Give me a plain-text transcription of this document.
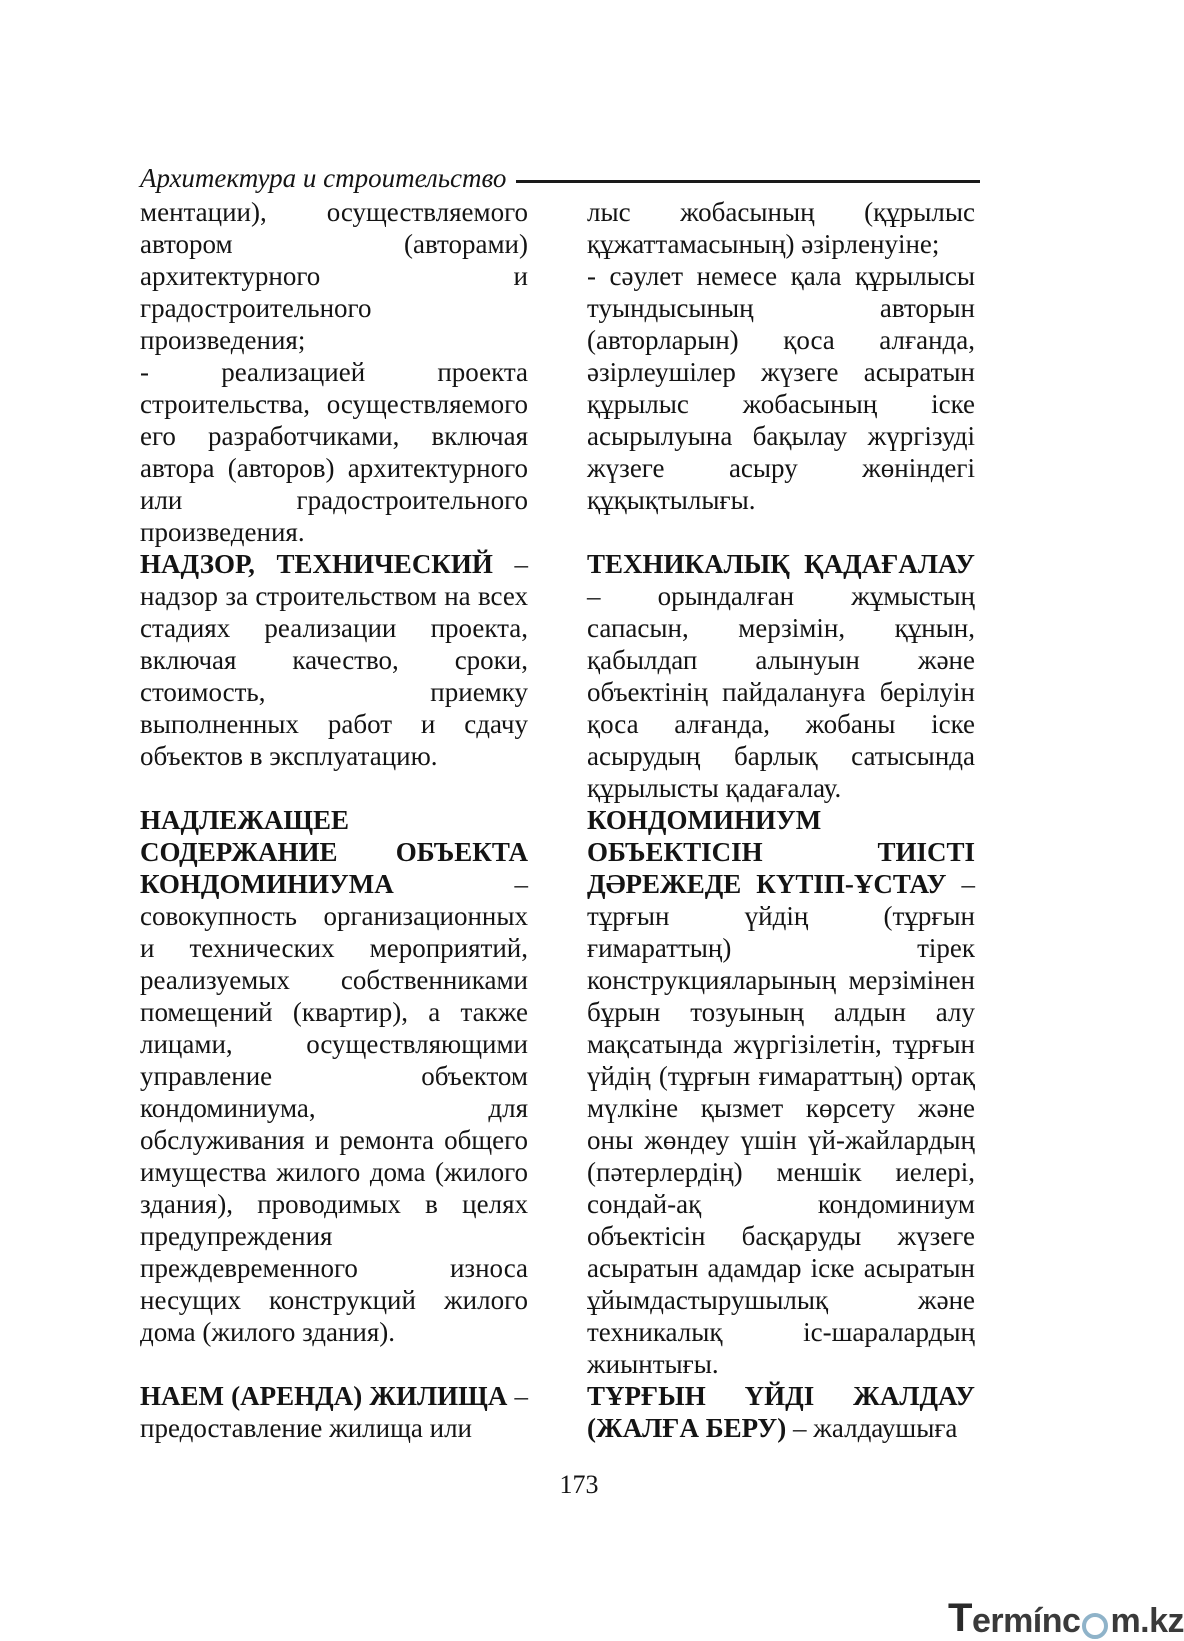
Архитектура и строительство

ментации), осуществляемого автором (авторами) архитектурного и градостроительного произведения;

- реализацией проекта строительства, осуществляемого его разработчиками, включая автора (авторов) архитектурного или градостроительного произведения.

НАДЗОР, ТЕХНИЧЕСКИЙ – надзор за строительством на всех стадиях реализации проекта, включая качество, сроки, стоимость, приемку выполненных работ и сдачу объектов в эксплуатацию.

НАДЛЕЖАЩЕЕ СОДЕРЖАНИЕ ОБЪЕКТА КОНДОМИНИУМА – совокупность организационных и технических мероприятий, реализуемых собственниками помещений (квартир), а также лицами, осуществляющими управление объектом кондоминиума, для обслуживания и ремонта общего имущества жилого дома (жилого здания), проводимых в целях предупреждения преждевременного износа несущих конструкций жилого дома (жилого здания).

НАЕМ (АРЕНДА) ЖИЛИЩА – предоставление жилища или

лыс жобасының (құрылыс құжаттамасының) әзірленуіне;

- сәулет немесе қала құрылысы туындысының авторын (авторларын) қоса алғанда, әзірлеушілер жүзеге асыратын құрылыс жобасының іске асырылуына бақылау жүргізуді жүзеге асыру жөніндегі құқықтылығы.

ТЕХНИКАЛЫҚ ҚАДАҒАЛАУ – орындалған жұмыстың сапасын, мерзімін, құнын, қабылдап алынуын және объектінің пайдалануға берілуін қоса алғанда, жобаны іске асырудың барлық сатысында құрылысты қадағалау.

КОНДОМИНИУМ ОБЪЕКТІСІН ТИІСТІ ДӘРЕЖЕДЕ КҮТІП-ҰСТАУ – тұрғын үйдің (тұрғын ғимараттың) тірек конструкцияларының мерзімінен бұрын тозуының алдын алу мақсатында жүргізілетін, тұрғын үйдің (тұрғын ғимараттың) ортақ мүлкіне қызмет көрсету және оны жөндеу үшін үй-жайлардың (пәтерлердің) меншік иелері, сондай-ақ кондоминиум объектісін басқаруды жүзеге асыратын адамдар іске асыратын ұйымдастырушылық және техникалық іс-шаралардың жиынтығы.

ТҰРҒЫН ҮЙДІ ЖАЛДАУ (ЖАЛҒА БЕРУ) – жалдаушыға

173
T ermínc m.kz
